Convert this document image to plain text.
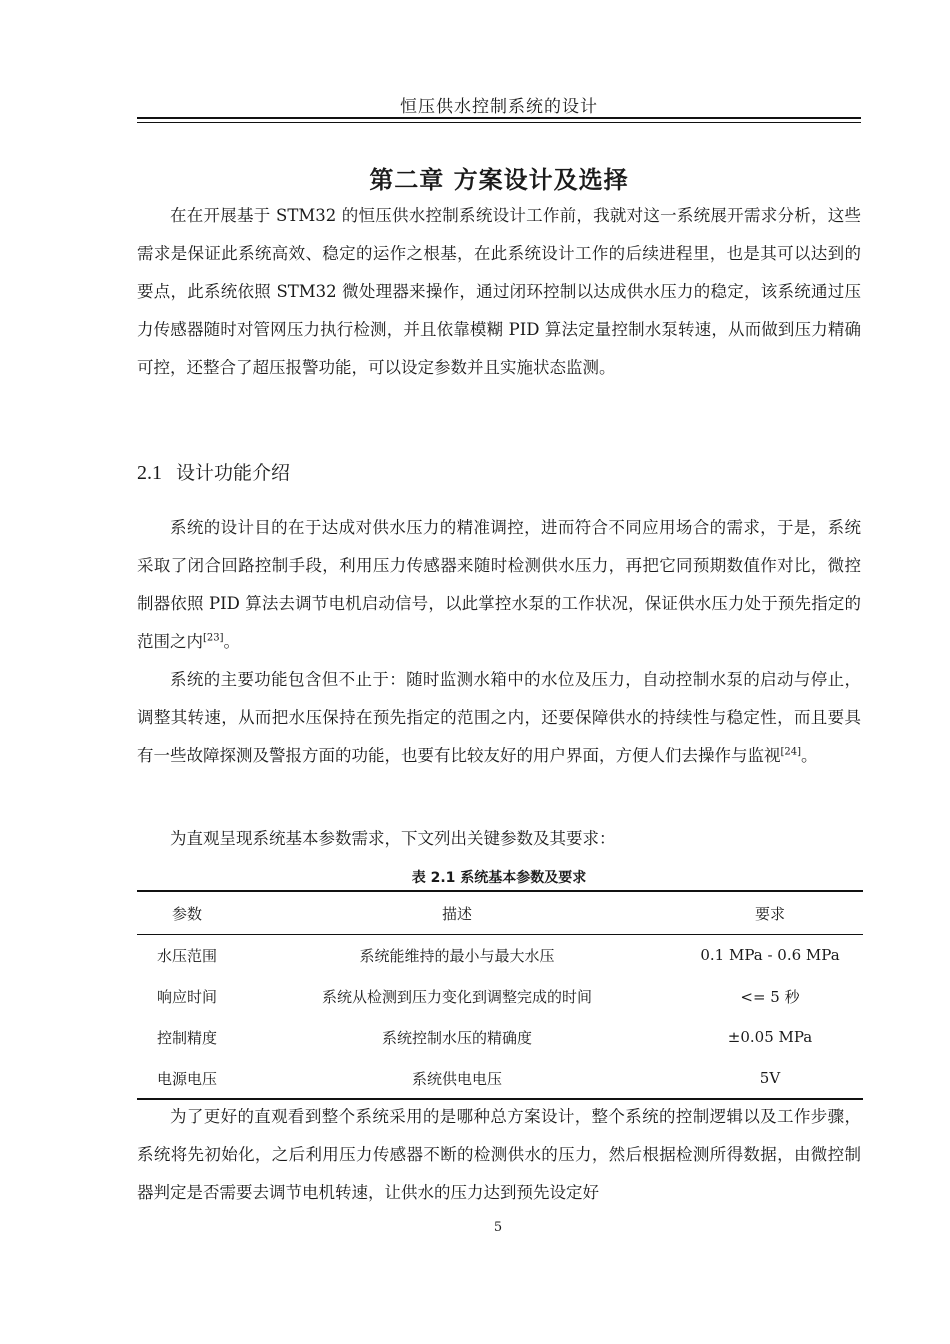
恒压供水控制系统的设计
第二章 方案设计及选择

在在开展基于 STM32 的恒压供水控制系统设计工作前，我就对这一系统展开需求分析，这些需求是保证此系统高效、稳定的运作之根基，在此系统设计工作的后续进程里，也是其可以达到的要点，此系统依照 STM32 微处理器来操作，通过闭环控制以达成供水压力的稳定，该系统通过压力传感器随时对管网压力执行检测，并且依靠模糊 PID 算法定量控制水泵转速，从而做到压力精确可控，还整合了超压报警功能，可以设定参数并且实施状态监测。

2.1 设计功能介绍

系统的设计目的在于达成对供水压力的精准调控，进而符合不同应用场合的需求，于是，系统采取了闭合回路控制手段，利用压力传感器来随时检测供水压力，再把它同预期数值作对比，微控制器依照 PID 算法去调节电机启动信号，以此掌控水泵的工作状况，保证供水压力处于预先指定的范围之内[23]。

系统的主要功能包含但不止于：随时监测水箱中的水位及压力，自动控制水泵的启动与停止，调整其转速，从而把水压保持在预先指定的范围之内，还要保障供水的持续性与稳定性，而且要具有一些故障探测及警报方面的功能，也要有比较友好的用户界面，方便人们去操作与监视[24]。

为直观呈现系统基本参数需求，下文列出关键参数及其要求：

表 2.1 系统基本参数及要求
参数	描述	要求
水压范围	系统能维持的最小与最大水压	0.1 MPa - 0.6 MPa
响应时间	系统从检测到压力变化到调整完成的时间	<= 5 秒
控制精度	系统控制水压的精确度	±0.05 MPa
电源电压	系统供电电压	5V

为了更好的直观看到整个系统采用的是哪种总方案设计，整个系统的控制逻辑以及工作步骤，系统将先初始化，之后利用压力传感器不断的检测供水的压力，然后根据检测所得数据，由微控制器判定是否需要去调节电机转速，让供水的压力达到预先设定好

5
